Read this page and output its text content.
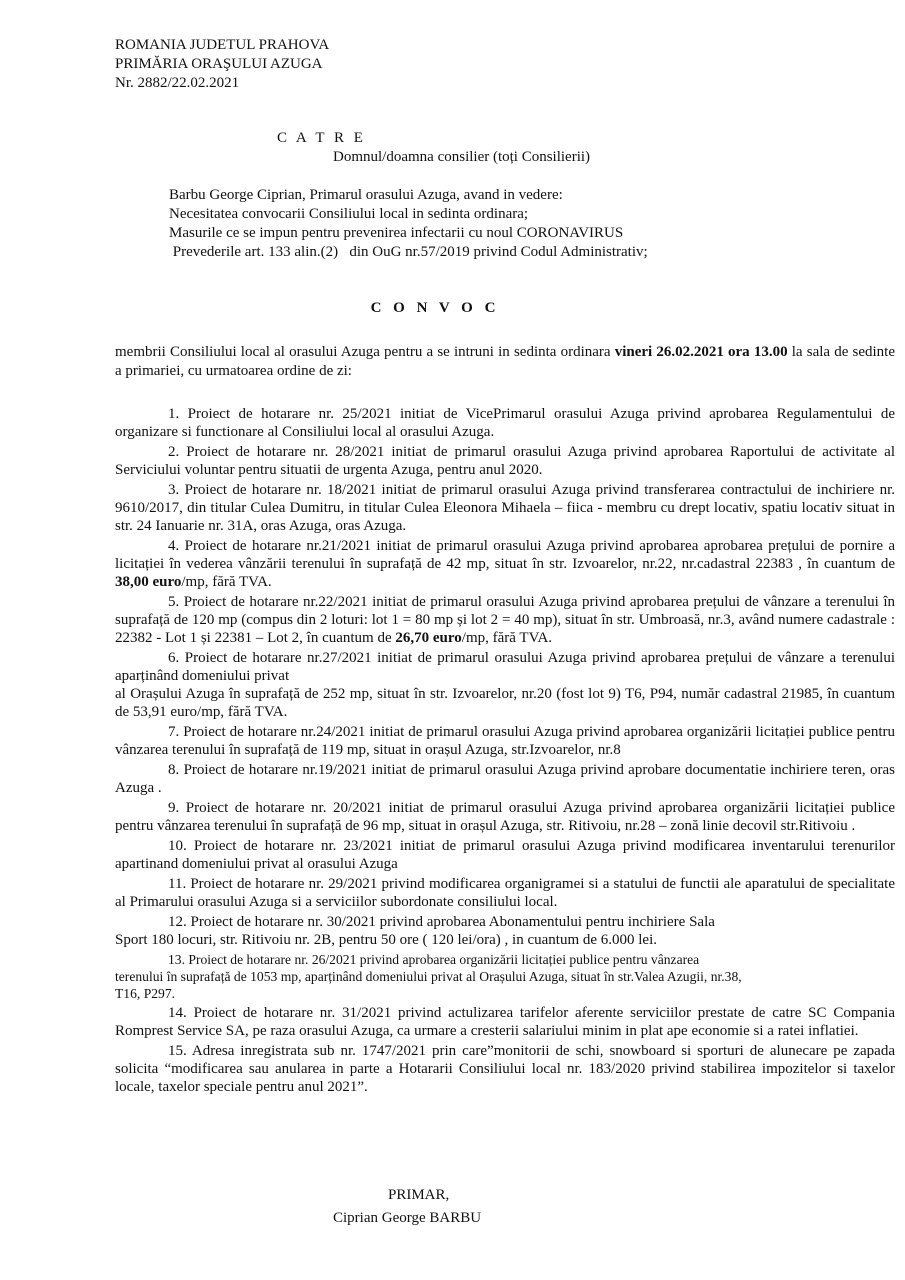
ROMANIA JUDETUL PRAHOVA
PRIMĂRIA ORAŞULUI AZUGA
Nr. 2882/22.02.2021
C A T R E
Domnul/doamna consilier (toți Consilierii)
Barbu George Ciprian, Primarul orasului Azuga, avand in vedere:
Necesitatea convocarii Consiliului local in sedinta ordinara;
Masurile ce se impun pentru prevenirea infectarii cu noul CORONAVIRUS
Prevederile art. 133 alin.(2)   din OuG nr.57/2019 privind Codul Administrativ;
C O N V O C
membrii Consiliului local al orasului Azuga pentru a se intruni in sedinta ordinara vineri 26.02.2021 ora 13.00 la sala de sedinte a primariei, cu urmatoarea ordine de zi:
1. Proiect de hotarare nr. 25/2021 initiat de VicePrimarul orasului Azuga privind aprobarea Regulamentului de organizare si functionare al Consiliului local al orasului Azuga.
2. Proiect de hotarare nr. 28/2021 initiat de primarul orasului Azuga privind aprobarea Raportului de activitate al Serviciului voluntar pentru situatii de urgenta Azuga, pentru anul 2020.
3. Proiect de hotarare nr. 18/2021 initiat de primarul orasului Azuga privind transferarea contractului de inchiriere nr. 9610/2017, din titular Culea Dumitru, in titular Culea Eleonora Mihaela – fiica - membru cu drept locativ, spatiu locativ situat in str. 24 Ianuarie nr. 31A, oras Azuga, oras Azuga.
4. Proiect de hotarare nr.21/2021 initiat de primarul orasului Azuga privind aprobarea aprobarea prețului de pornire a licitației în vederea vânzării terenului în suprafață de 42 mp, situat în str. Izvoarelor, nr.22, nr.cadastral 22383 , în cuantum de 38,00 euro/mp, fără TVA.
5. Proiect de hotarare nr.22/2021 initiat de primarul orasului Azuga privind aprobarea prețului de vânzare a terenului în suprafață de 120 mp (compus din 2 loturi: lot 1 = 80 mp și lot 2 = 40 mp), situat în str. Umbroasă, nr.3, având numere cadastrale : 22382 - Lot 1 și 22381 – Lot 2, în cuantum de 26,70 euro/mp, fără TVA.
6. Proiect de hotarare nr.27/2021 initiat de primarul orasului Azuga privind aprobarea prețului de vânzare a terenului aparținând domeniului privat
al Orașului Azuga în suprafață de 252 mp, situat în str. Izvoarelor, nr.20 (fost lot 9) T6, P94, număr cadastral 21985, în cuantum de 53,91 euro/mp, fără TVA.
7. Proiect de hotarare nr.24/2021 initiat de primarul orasului Azuga privind aprobarea organizării licitației publice pentru vânzarea terenului în suprafață de 119 mp, situat in orașul Azuga, str.Izvoarelor, nr.8
8. Proiect de hotarare nr.19/2021 initiat de primarul orasului Azuga privind aprobare documentatie inchiriere teren, oras Azuga .
9. Proiect de hotarare nr. 20/2021 initiat de primarul orasului Azuga privind aprobarea organizării licitației publice pentru vânzarea terenului în suprafață de 96 mp, situat in orașul Azuga, str. Ritivoiu, nr.28 – zonă linie decovil str.Ritivoiu .
10. Proiect de hotarare nr. 23/2021 initiat de primarul orasului Azuga privind modificarea inventarului terenurilor apartinand domeniului privat al orasului Azuga
11. Proiect de hotarare nr. 29/2021 privind modificarea organigramei si a statului de functii ale aparatului de specialitate al Primarului orasului Azuga si a serviciilor subordonate consiliului local.
12. Proiect de hotarare nr. 30/2021 privind aprobarea Abonamentului pentru inchiriere Sala
Sport 180 locuri, str. Ritivoiu nr. 2B, pentru 50 ore ( 120 lei/ora) , in cuantum de 6.000 lei.
13. Proiect de hotarare nr. 26/2021 privind aprobarea organizării licitației publice pentru vânzarea
terenului în suprafață de 1053 mp, aparținând domeniului privat al Orașului Azuga, situat în str.Valea Azugii, nr.38,
T16, P297.
14. Proiect de hotarare nr. 31/2021 privind actulizarea tarifelor aferente serviciilor prestate de catre SC Compania Romprest Service SA, pe raza orasului Azuga, ca urmare a cresterii salariului minim in plat ape economie si a ratei inflatiei.
15. Adresa inregistrata sub nr. 1747/2021 prin care”monitorii de schi, snowboard si sporturi de alunecare pe zapada solicita “modificarea sau anularea in parte a Hotararii Consiliului local nr. 183/2020 privind stabilirea impozitelor si taxelor locale, taxelor speciale pentru anul 2021”.
PRIMAR,
Ciprian George BARBU
